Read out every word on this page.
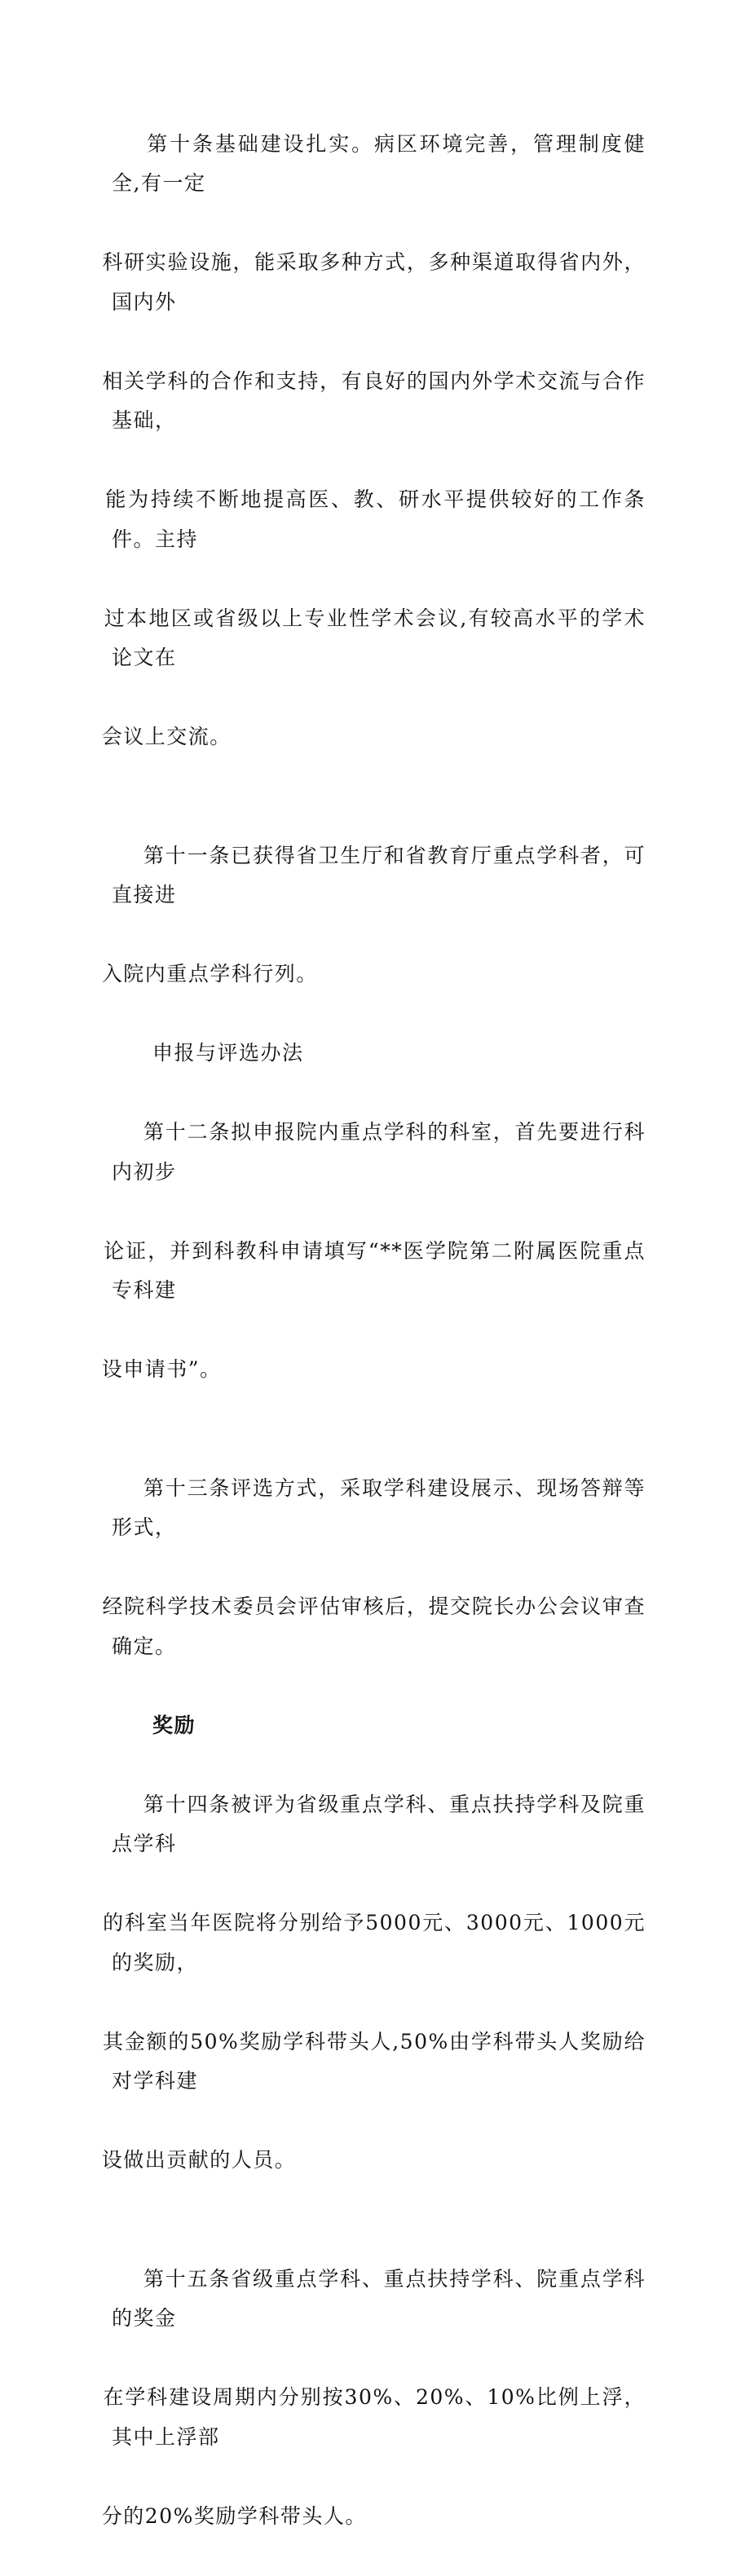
第十条基础建设扎实。病区环境完善，管理制度健全,有一定

科研实验设施，能采取多种方式，多种渠道取得省内外，国内外

相关学科的合作和支持，有良好的国内外学术交流与合作基础，

能为持续不断地提高医、教、研水平提供较好的工作条件。主持

过本地区或省级以上专业性学术会议,有较高水平的学术论文在

会议上交流。

第十一条已获得省卫生厅和省教育厅重点学科者，可直接进

入院内重点学科行列。

申报与评选办法

第十二条拟申报院内重点学科的科室，首先要进行科内初步

论证，并到科教科申请填写“**医学院第二附属医院重点专科建

设申请书”。

第十三条评选方式，采取学科建设展示、现场答辩等形式，

经院科学技术委员会评估审核后，提交院长办公会议审查确定。

奖励

第十四条被评为省级重点学科、重点扶持学科及院重点学科

的科室当年医院将分别给予5000元、3000元、1000元的奖励，

其金额的50%奖励学科带头人,50%由学科带头人奖励给对学科建

设做出贡献的人员。

第十五条省级重点学科、重点扶持学科、院重点学科的奖金

在学科建设周期内分别按30%、20%、10%比例上浮，其中上浮部

分的20%奖励学科带头人。
